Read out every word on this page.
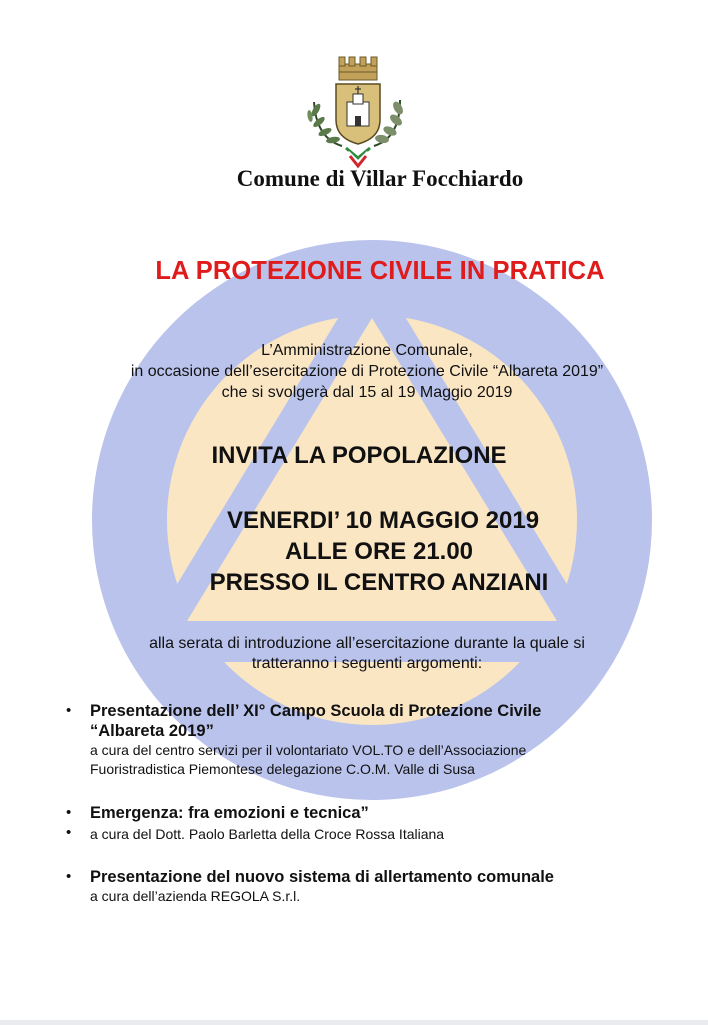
Comune di Villar Focchiardo
LA PROTEZIONE CIVILE IN PRATICA
L’Amministrazione Comunale,
in occasione dell’esercitazione di Protezione Civile “Albareta 2019”
che si svolgerà dal 15 al 19 Maggio 2019
INVITA LA POPOLAZIONE
VENERDI’ 10 MAGGIO 2019
ALLE ORE 21.00
PRESSO IL CENTRO ANZIANI
alla serata di introduzione all’esercitazione durante la quale si
tratteranno i seguenti argomenti:
• Presentazione dell’ XI° Campo Scuola di Protezione Civile
“Albareta 2019”
a cura del centro servizi per il volontariato VOL.TO e dell’Associazione
Fuoristradistica Piemontese delegazione C.O.M. Valle di Susa
• Emergenza: fra emozioni e tecnica”
• a cura del Dott. Paolo Barletta della Croce Rossa Italiana
• Presentazione del nuovo sistema di allertamento comunale
a cura dell’azienda REGOLA S.r.l.
